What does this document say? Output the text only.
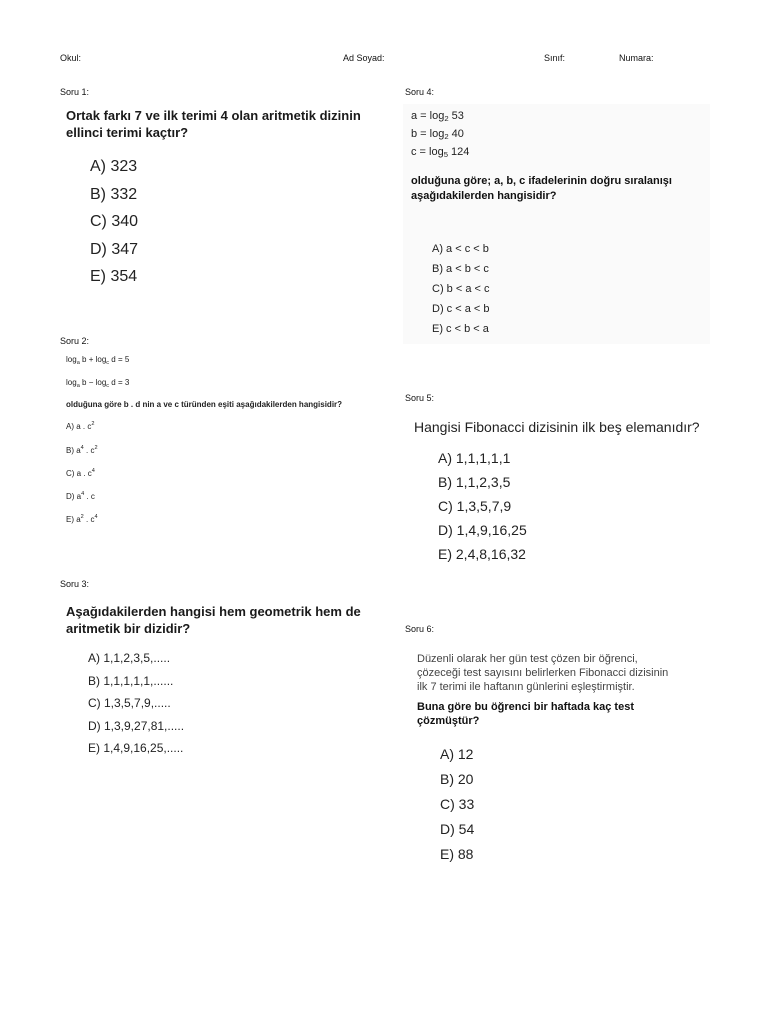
Okul:	Ad Soyad:	Sınıf:	Numara:
Soru 1:
Ortak farkı 7 ve ilk terimi 4 olan aritmetik dizinin
ellinci terimi kaçtır?
A) 323
B) 332
C) 340
D) 347
E) 354
Soru 2:
$\log_a b + \log_c d = 5$
$\log_a b - \log_c d = 3$
olduğuna göre b . d nin a ve c türünden eşiti aşağıdakilerden hangisidir?
A) a . $c^2$
B) $a^4$ . $c^2$
C) a . $c^4$
D) $a^4$ . c
E) $a^2$ . $c^4$
Soru 3:
Aşağıdakilerden hangisi hem geometrik hem de
aritmetik bir dizidir?
A) 1,1,2,3,5,.....
B) 1,1,1,1,1,......
C) 1,3,5,7,9,.....
D) 1,3,9,27,81,.....
E) 1,4,9,16,25,.....
Soru 4:
$a = \log_2 53$
$b = \log_2 40$
$c = \log_5 124$
olduğuna göre; a, b, c ifadelerinin doğru sıralanışı
aşağıdakilerden hangisidir?
A) a < c < b
B) a < b < c
C) b < a < c
D) c < a < b
E) c < b < a
Soru 5:
Hangisi Fibonacci dizisinin ilk beş elemanıdır?
A) 1,1,1,1,1
B) 1,1,2,3,5
C) 1,3,5,7,9
D) 1,4,9,16,25
E) 2,4,8,16,32
Soru 6:
Düzenli olarak her gün test çözen bir öğrenci,
çözeceği test sayısını belirlerken Fibonacci dizisinin
ilk 7 terimi ile haftanın günlerini eşleştirmiştir.
Buna göre bu öğrenci bir haftada kaç test
çözmüştür?
A) 12
B) 20
C) 33
D) 54
E) 88
